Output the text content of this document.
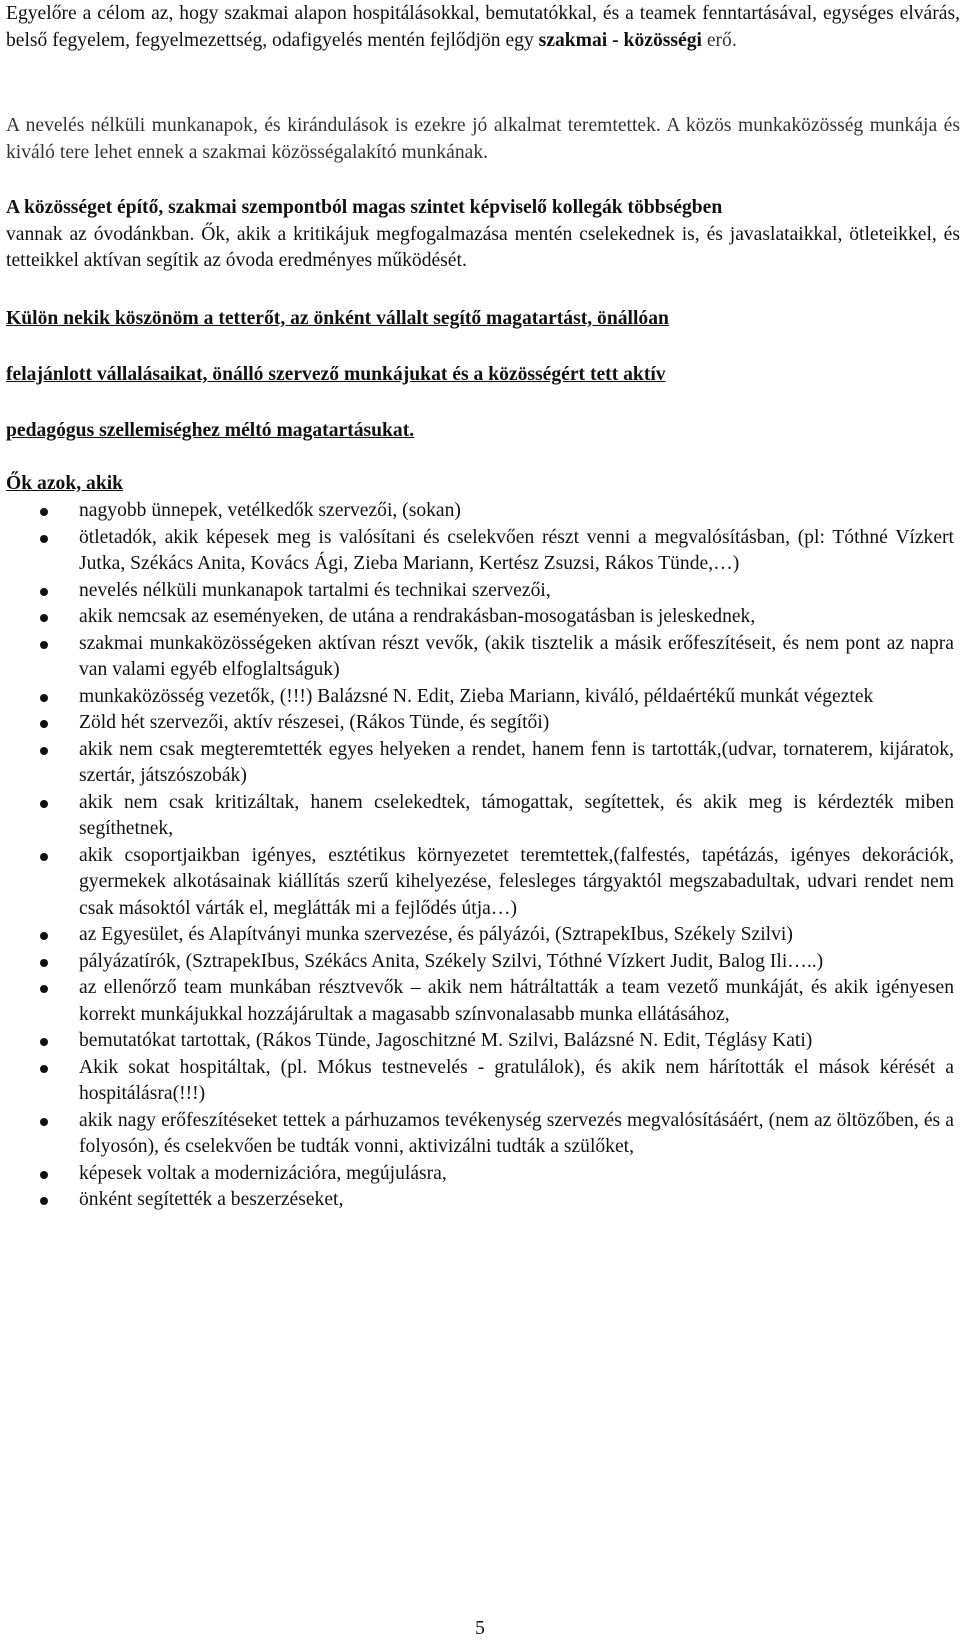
Egyelőre a célom az, hogy szakmai alapon hospitálásokkal, bemutatókkal, és a teamek fenntartásával, egységes elvárás, belső fegyelem, fegyelmezettség, odafigyelés mentén fejlődjön egy szakmai - közösségi erő.
A nevelés nélküli munkanapok, és kirándulások is ezekre jó alkalmat teremtettek. A közös munkaközösség munkája és kiváló tere lehet ennek a szakmai közösségalakító munkának.
A közösséget építő, szakmai szempontból magas szintet képviselő kollegák többségben
vannak az óvodánkban. Ők, akik a kritikájuk megfogalmazása mentén cselekednek is, és javaslataikkal, ötleteikkel, és tetteikkel aktívan segítik az óvoda eredményes működését.
Külön nekik köszönöm a tetterőt, az önként vállalt segítő magatartást, önállóan
felajánlott vállalásaikat, önálló szervező munkájukat és a közösségért tett aktív
pedagógus szellemiséghez méltó magatartásukat.
Ők azok, akik
nagyobb ünnepek, vetélkedők szervezői, (sokan)
ötletadók, akik képesek meg is valósítani és cselekvően részt venni a megvalósításban, (pl: Tóthné Vízkert Jutka, Székács Anita, Kovács Ági, Zieba Mariann, Kertész Zsuzsi, Rákos Tünde,…)
nevelés nélküli munkanapok tartalmi és technikai szervezői,
akik nemcsak az eseményeken, de utána a rendrakásban-mosogatásban is jeleskednek,
szakmai munkaközösségeken aktívan részt vevők, (akik tisztelik a másik erőfeszítéseit, és nem pont az napra van valami egyéb elfoglaltságuk)
munkaközösség vezetők, (!!!) Balázsné N. Edit, Zieba Mariann, kiváló, példaértékű munkát végeztek
Zöld hét szervezői, aktív részesei, (Rákos Tünde, és segítői)
akik nem csak megteremtették egyes helyeken a rendet, hanem fenn is tartották,(udvar, tornaterem, kijáratok, szertár, játszószobák)
akik nem csak kritizáltak, hanem cselekedtek, támogattak, segítettek, és akik meg is kérdezték miben segíthetnek,
akik csoportjaikban igényes, esztétikus környezetet teremtettek,(falfestés, tapétázás, igényes dekorációk, gyermekek alkotásainak kiállítás szerű kihelyezése, felesleges tárgyaktól megszabadultak, udvari rendet nem csak másoktól várták el, meglátták mi a fejlődés útja…)
az Egyesület, és Alapítványi munka szervezése, és pályázói, (SztrapekIbus, Székely Szilvi)
pályázatírók, (SztrapekIbus, Székács Anita, Székely Szilvi, Tóthné Vízkert Judit, Balog Ili…..)
az ellenőrző team munkában résztvevők – akik nem hátráltatták a team vezető munkáját, és akik igényesen korrekt munkájukkal hozzájárultak a magasabb színvonalasabb munka ellátásához,
bemutatókat tartottak, (Rákos Tünde, Jagoschitzné M. Szilvi, Balázsné N. Edit, Téglásy Kati)
Akik sokat hospitáltak, (pl. Mókus testnevelés - gratulálok), és akik nem hárították el mások kérését a hospitálásra(!!!)
akik nagy erőfeszítéseket tettek a párhuzamos tevékenység szervezés megvalósításáért, (nem az öltözőben, és a folyosón), és cselekvően be tudták vonni, aktivizálni tudták a szülőket,
képesek voltak a modernizációra, megújulásra,
önként segítették a beszerzéseket,
5
